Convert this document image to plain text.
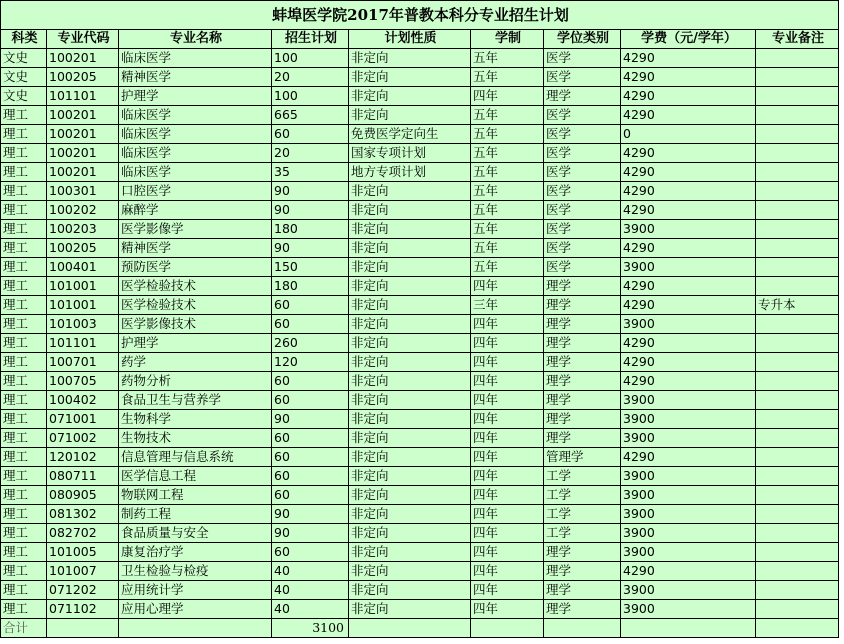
蚌埠医学院2017年普教本科分专业招生计划								
科类	专业代码	专业名称	招生计划	计划性质	学制	学位类别	学费（元/学年）	专业备注
文史	100201	临床医学	100	非定向	五年	医学	4290	
文史	100205	精神医学	20	非定向	五年	医学	4290	
文史	101101	护理学	100	非定向	四年	理学	4290	
理工	100201	临床医学	665	非定向	五年	医学	4290	
理工	100201	临床医学	60	免费医学定向生	五年	医学	0	
理工	100201	临床医学	20	国家专项计划	五年	医学	4290	
理工	100201	临床医学	35	地方专项计划	五年	医学	4290	
理工	100301	口腔医学	90	非定向	五年	医学	4290	
理工	100202	麻醉学	90	非定向	五年	医学	4290	
理工	100203	医学影像学	180	非定向	五年	医学	3900	
理工	100205	精神医学	90	非定向	五年	医学	4290	
理工	100401	预防医学	150	非定向	五年	医学	3900	
理工	101001	医学检验技术	180	非定向	四年	理学	4290	
理工	101001	医学检验技术	60	非定向	三年	理学	4290	专升本
理工	101003	医学影像技术	60	非定向	四年	理学	3900	
理工	101101	护理学	260	非定向	四年	理学	4290	
理工	100701	药学	120	非定向	四年	理学	4290	
理工	100705	药物分析	60	非定向	四年	理学	4290	
理工	100402	食品卫生与营养学	60	非定向	四年	理学	3900	
理工	071001	生物科学	90	非定向	四年	理学	3900	
理工	071002	生物技术	60	非定向	四年	理学	3900	
理工	120102	信息管理与信息系统	60	非定向	四年	管理学	4290	
理工	080711	医学信息工程	60	非定向	四年	工学	3900	
理工	080905	物联网工程	60	非定向	四年	工学	3900	
理工	081302	制药工程	90	非定向	四年	工学	3900	
理工	082702	食品质量与安全	90	非定向	四年	工学	3900	
理工	101005	康复治疗学	60	非定向	四年	理学	3900	
理工	101007	卫生检验与检疫	40	非定向	四年	理学	4290	
理工	071202	应用统计学	40	非定向	四年	理学	3900	
理工	071102	应用心理学	40	非定向	四年	理学	3900	
合计			3100					
